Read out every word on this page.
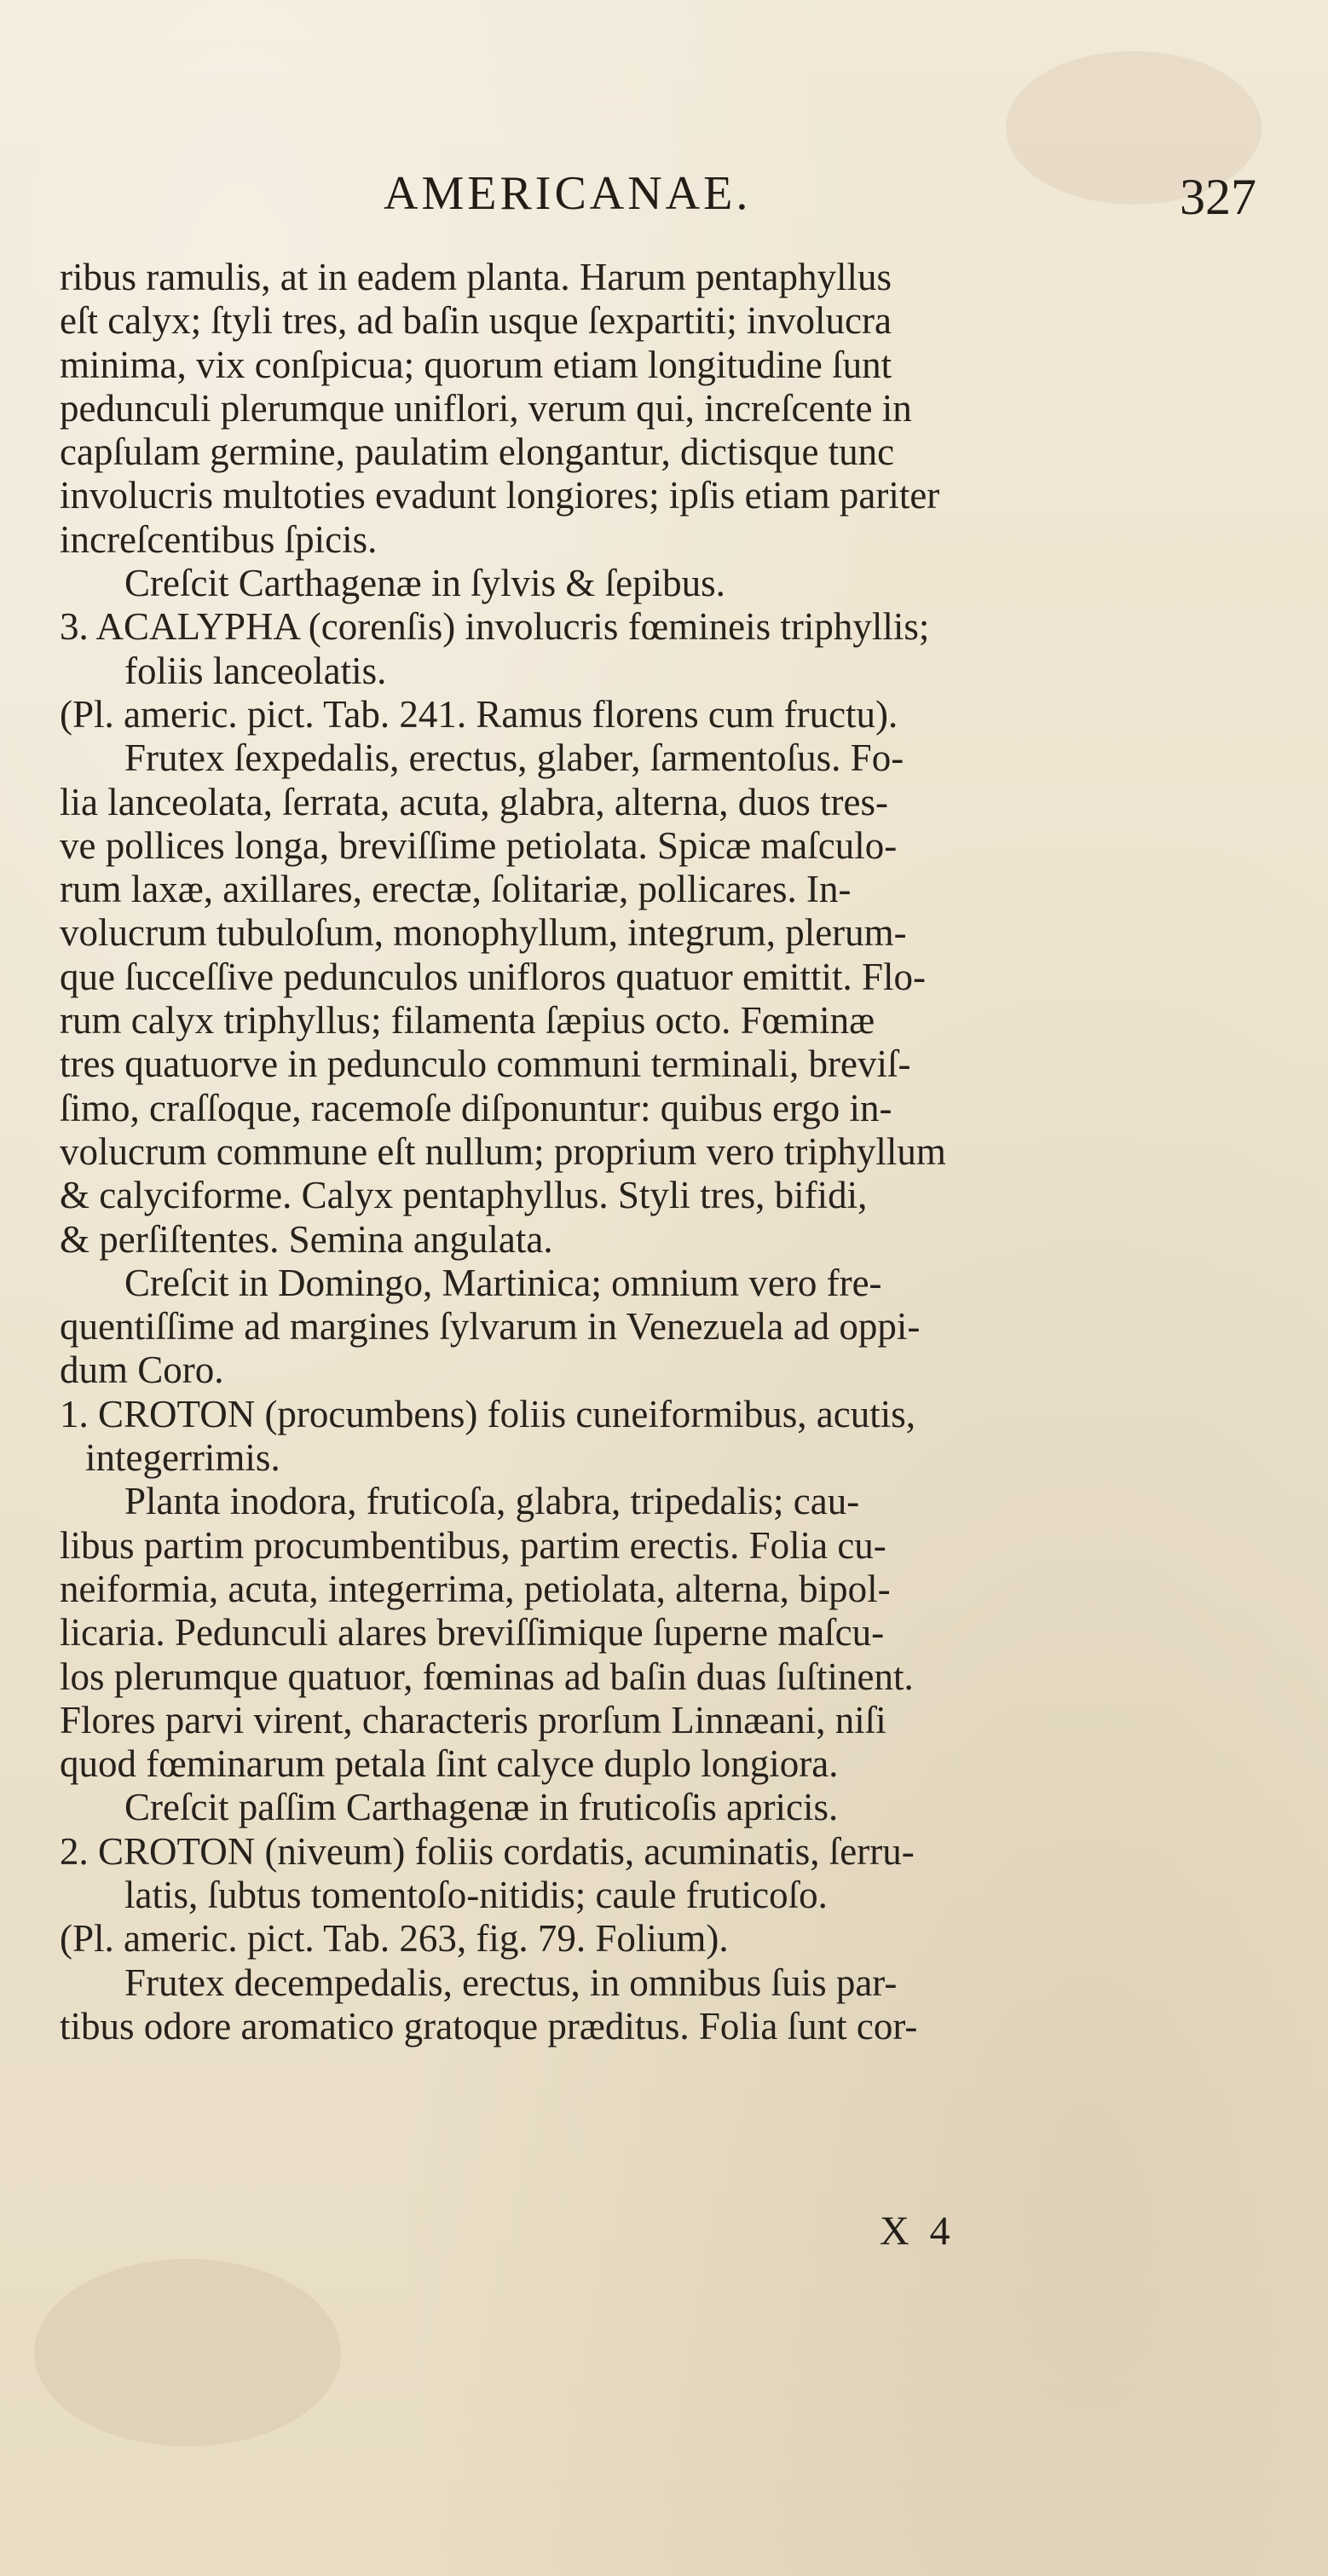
AMERICANAE.	327
ribus ramulis, at in eadem planta. Harum pentaphyllus
eſt calyx; ſtyli tres, ad baſin usque ſexpartiti; involucra
minima, vix conſpicua; quorum etiam longitudine ſunt
pedunculi plerumque uniflori, verum qui, increſcente in
capſulam germine, paulatim elongantur, dictisque tunc
involucris multoties evadunt longiores; ipſis etiam pariter
increſcentibus ſpicis.
Creſcit Carthagenæ in ſylvis & ſepibus.
3. ACALYPHA (corenſis) involucris fœmineis triphyllis;
foliis lanceolatis.
(Pl. americ. pict. Tab. 241. Ramus florens cum fructu).
Frutex ſexpedalis, erectus, glaber, ſarmentoſus. Fo-
lia lanceolata, ſerrata, acuta, glabra, alterna, duos tres-
ve pollices longa, breviſſime petiolata. Spicæ maſculo-
rum laxæ, axillares, erectæ, ſolitariæ, pollicares. In-
volucrum tubuloſum, monophyllum, integrum, plerum-
que ſucceſſive pedunculos unifloros quatuor emittit. Flo-
rum calyx triphyllus; filamenta ſæpius octo. Fœminæ
tres quatuorve in pedunculo communi terminali, breviſ-
ſimo, craſſoque, racemoſe diſponuntur: quibus ergo in-
volucrum commune eſt nullum; proprium vero triphyllum
& calyciforme. Calyx pentaphyllus. Styli tres, bifidi,
& perſiſtentes. Semina angulata.
Creſcit in Domingo, Martinica; omnium vero fre-
quentiſſime ad margines ſylvarum in Venezuela ad oppi-
dum Coro.
1. CROTON (procumbens) foliis cuneiformibus, acutis,
integerrimis.
Planta inodora, fruticoſa, glabra, tripedalis; cau-
libus partim procumbentibus, partim erectis. Folia cu-
neiformia, acuta, integerrima, petiolata, alterna, bipol-
licaria. Pedunculi alares breviſſimique ſuperne maſcu-
los plerumque quatuor, fœminas ad baſin duas ſuſtinent.
Flores parvi virent, characteris prorſum Linnæani, niſi
quod fœminarum petala ſint calyce duplo longiora.
Creſcit paſſim Carthagenæ in fruticoſis apricis.
2. CROTON (niveum) foliis cordatis, acuminatis, ſerru-
latis, ſubtus tomentoſo-nitidis; caule fruticoſo.
(Pl. americ. pict. Tab. 263, fig. 79. Folium).
Frutex decempedalis, erectus, in omnibus ſuis par-
tibus odore aromatico gratoque præditus. Folia ſunt cor-
X 4
